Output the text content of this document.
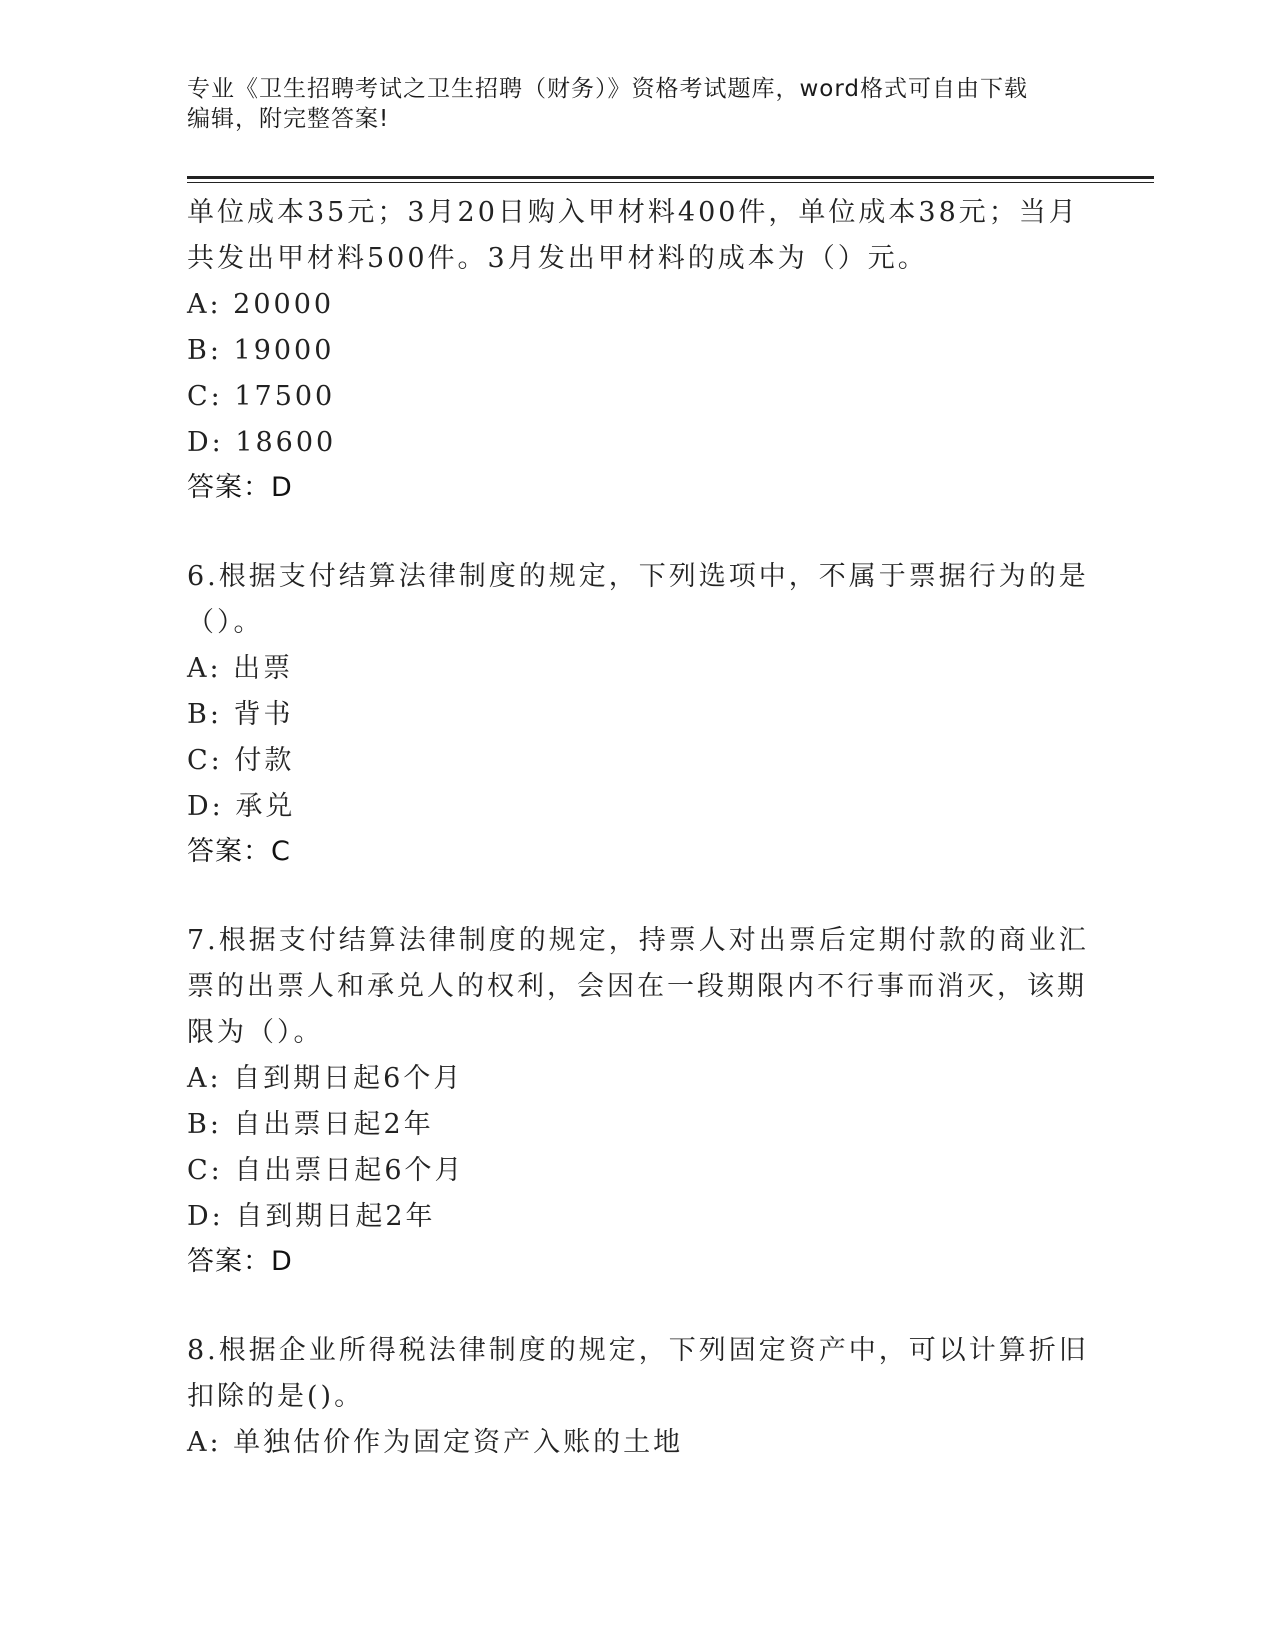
专业《卫生招聘考试之卫生招聘（财务）》资格考试题库，word格式可自由下载
编辑，附完整答案!
单位成本35元；3月20日购入甲材料400件，单位成本38元；当月
共发出甲材料500件。3月发出甲材料的成本为（）元。
A: 20000
B: 19000
C: 17500
D: 18600
答案：D
6.根据支付结算法律制度的规定，下列选项中，不属于票据行为的是
（）。
A: 出票
B: 背书
C: 付款
D: 承兑
答案：C
7.根据支付结算法律制度的规定，持票人对出票后定期付款的商业汇
票的出票人和承兑人的权利，会因在一段期限内不行事而消灭，该期
限为（）。
A: 自到期日起6个月
B: 自出票日起2年
C: 自出票日起6个月
D: 自到期日起2年
答案：D
8.根据企业所得税法律制度的规定，下列固定资产中，可以计算折旧
扣除的是()。
A: 单独估价作为固定资产入账的土地
